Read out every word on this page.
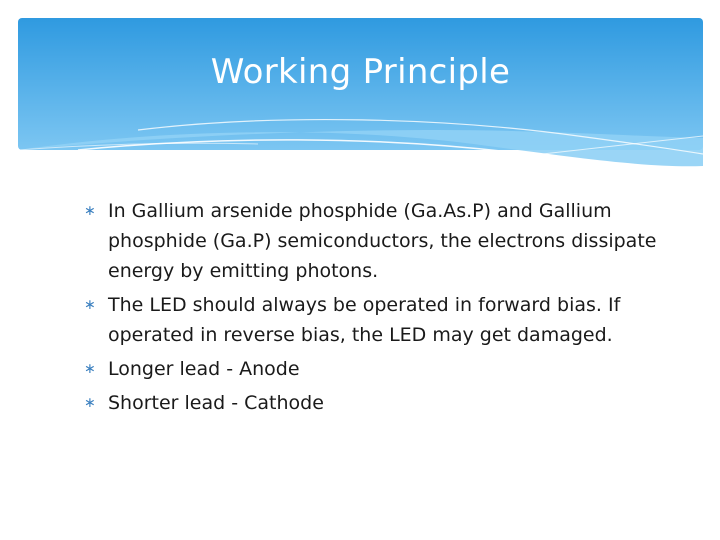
Working Principle
∗ In Gallium arsenide phosphide (Ga.As.P) and Gallium phosphide (Ga.P) semiconductors, the electrons dissipate energy by emitting photons.
∗ The LED should always be operated in forward bias. If operated in reverse bias, the LED may get damaged.
∗ Longer lead - Anode
∗ Shorter lead - Cathode
